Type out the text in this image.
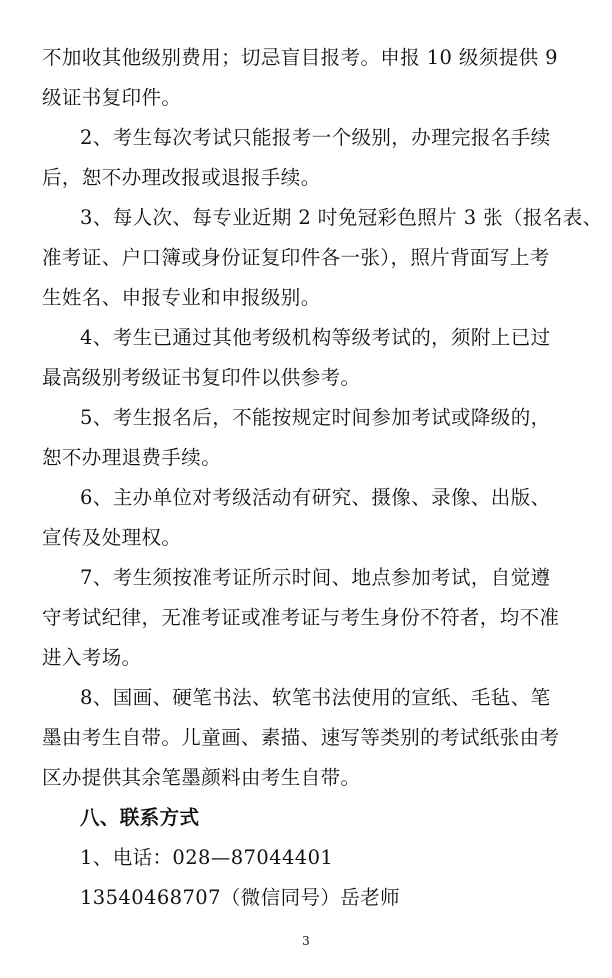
不加收其他级别费用；切忌盲目报考。申报 10 级须提供 9
级证书复印件。
2、考生每次考试只能报考一个级别，办理完报名手续
后，恕不办理改报或退报手续。
3、每人次、每专业近期 2 吋免冠彩色照片 3 张（报名表、
准考证、户口簿或身份证复印件各一张），照片背面写上考
生姓名、申报专业和申报级别。
4、考生已通过其他考级机构等级考试的，须附上已过
最高级别考级证书复印件以供参考。
5、考生报名后，不能按规定时间参加考试或降级的，
恕不办理退费手续。
6、主办单位对考级活动有研究、摄像、录像、出版、
宣传及处理权。
7、考生须按准考证所示时间、地点参加考试，自觉遵
守考试纪律，无准考证或准考证与考生身份不符者，均不准
进入考场。
8、国画、硬笔书法、软笔书法使用的宣纸、毛毡、笔
墨由考生自带。儿童画、素描、速写等类别的考试纸张由考
区办提供其余笔墨颜料由考生自带。
八、联系方式
1、电话：028—87044401
13540468707（微信同号）岳老师
3
